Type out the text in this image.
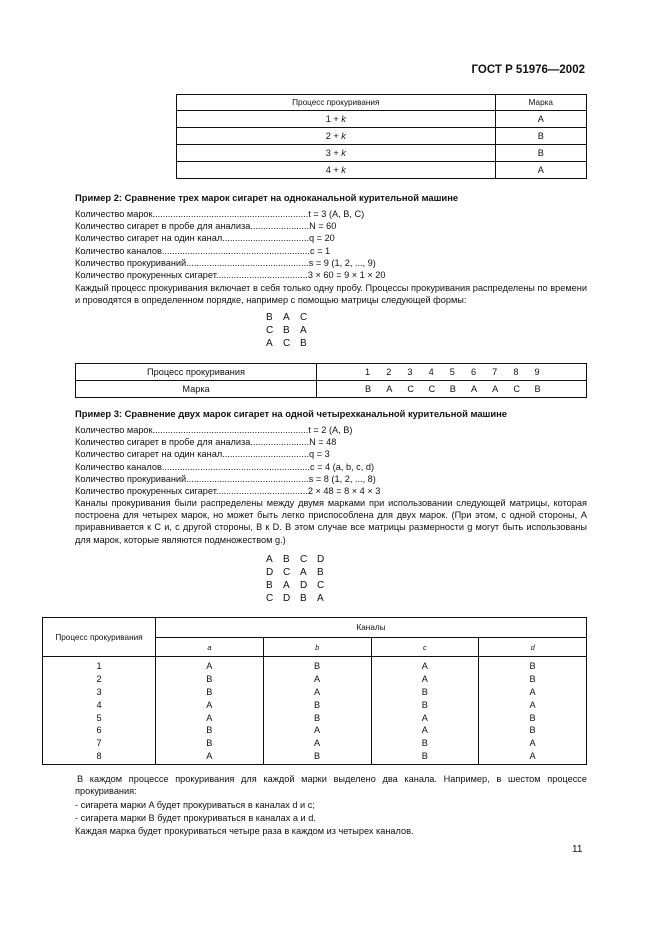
ГОСТ Р 51976—2002
Процесс прокуривания	Марка
1 + k	A
2 + k	B
3 + k	B
4 + k	A
Пример 2: Сравнение трех марок сигарет на одноканальной курительной машине
Количество марок.............................................................t = 3 (A, B, C)
Количество сигарет в пробе для анализа.......................N = 60
Количество сигарет на один канал..................................q = 20
Количество каналов..........................................................c = 1
Количество прокуриваний................................................s = 9 (1, 2, ..., 9)
Количество прокуренных сигарет....................................3 × 60 = 9 × 1 × 20
Каждый процесс прокуривания включает в себя только одну пробу. Процессы прокуривания распределены по времени и проводятся в определенном порядке, например с помощью матрицы следующей формы:
B A C
C B A
A C B
Процесс прокуривания	1 2 3 4 5 6 7 8 9
Марка	B A C C B A A C B
Пример 3: Сравнение двух марок сигарет на одной четырехканальной курительной машине
Количество марок.............................................................t = 2 (A, B)
Количество сигарет в пробе для анализа.......................N = 48
Количество сигарет на один канал..................................q = 3
Количество каналов..........................................................c = 4 (a, b, c, d)
Количество прокуриваний................................................s = 8 (1, 2, ..., 8)
Количество прокуренных сигарет....................................2 × 48 = 8 × 4 × 3
Каналы прокуривания были распределены между двумя марками при использовании следующей матрицы, которая построена для четырех марок, но может быть легко приспособлена для двух марок. (При этом, с одной стороны, A приравнивается к C и, с другой стороны, B к D. В этом случае все матрицы размерности g могут быть использованы для марок, которые являются подмножеством g.)
A B C D
D C A B
B A D C
C D B A
Процесс прокуривания	Каналы			
	a	b	c	d
1	A	B	A	B
2	B	A	A	B
3	B	A	B	A
4	A	B	B	A
5	A	B	A	B
6	B	A	A	B
7	B	A	B	A
8	A	B	B	A
В каждом процессе прокуривания для каждой марки выделено два канала. Например, в шестом процессе прокуривания:
- сигарета марки A будет прокуриваться в каналах d и c;
- сигарета марки B будет прокуриваться в каналах a и d.
Каждая марка будет прокуриваться четыре раза в каждом из четырех каналов.
11
